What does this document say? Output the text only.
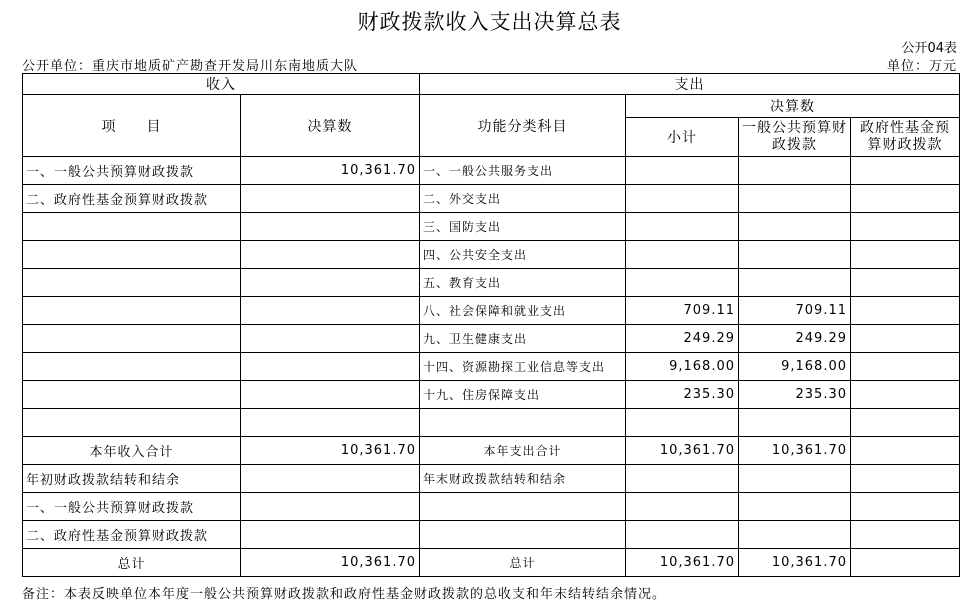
财政拨款收入支出决算总表
公开04表
公开单位：重庆市地质矿产勘查开发局川东南地质大队	单位：万元
收入		支出			
项　　目	决算数	功能分类科目	决算数		
			小计	一般公共预算财政拨款	政府性基金预算财政拨款
一、一般公共预算财政拨款	10,361.70	一、一般公共服务支出			
二、政府性基金预算财政拨款		二、外交支出			
		三、国防支出			
		四、公共安全支出			
		五、教育支出			
		八、社会保障和就业支出	709.11	709.11	
		九、卫生健康支出	249.29	249.29	
		十四、资源勘探工业信息等支出	9,168.00	9,168.00	
		十九、住房保障支出	235.30	235.30	

本年收入合计	10,361.70	本年支出合计	10,361.70	10,361.70	
年初财政拨款结转和结余		年末财政拨款结转和结余			
一、一般公共预算财政拨款					
二、政府性基金预算财政拨款					
总计	10,361.70	总计	10,361.70	10,361.70	
备注：本表反映单位本年度一般公共预算财政拨款和政府性基金财政拨款的总收支和年末结转结余情况。
